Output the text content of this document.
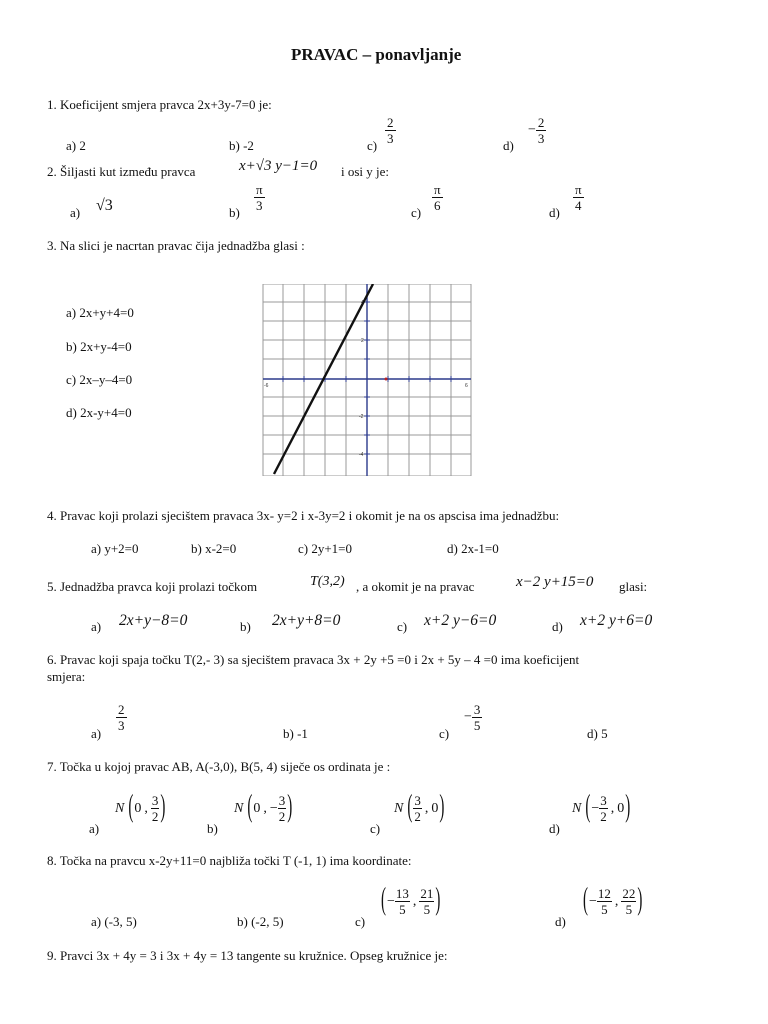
PRAVAC – ponavljanje
1. Koeficijent smjera pravca 2x+3y-7=0 je:
a) 2	b) -2	$c) \frac{2}{3}$	d)
− $\frac{2}{3}$
2. Šiljasti kut između pravca	x+√3 y−1=0 i osi y je:
a) √3	$b) \frac{\pi}{3}$	$c) \frac{\pi}{6}$	$d) \frac{\pi}{4}$
3. Na slici je nacrtan pravac čija jednadžba glasi :
a) 2x+y+4=0
b) 2x+y-4=0
c) 2x–y–4=0
d) 2x-y+4=0
-6	6
2
-2
-4
4. Pravac koji prolazi sjecištem pravaca 3x- y=2 i x-3y=2 i okomit je na os apscisa ima jednadžbu:
a) y+2=0	b) x-2=0	c) 2y+1=0	d) 2x-1=0
5. Jednadžba pravca koji prolazi točkom	T(3,2) , a okomit je na pravac	x−2 y+15=0 glasi:
a) 2x+y−8=0	b) 2x+y+8=0	c) x+2 y−6=0	d) x+2 y+6=0
6. Pravac koji spaja točku T(2,- 3) sa sjecištem pravaca 3x + 2y +5 =0 i 2x + 5y – 4 =0 ima koeficijent
smjera:
a)
$\frac{2}{3}$
b) -1	c)
− $\frac{3}{5}$
d) 5
7. Točka u kojoj pravac AB, A(-3,0), B(5, 4) siječe os ordinata je :
a)
N ( 0 , $\frac{3}{2}$ )
b)
N ( 0 , − $\frac{3}{2}$ )
c)
N ( $\frac{3}{2}$ , 0 )
d)
N ( − $\frac{3}{2}$ , 0 )
8. Točka na pravcu x-2y+11=0 najbliža točki T (-1, 1) ima koordinate:
a) (-3, 5)	b) (-2, 5)	c)
( − $\frac{13}{5}$ , $\frac{21}{5}$ )
d)
( − $\frac{12}{5}$ , $\frac{22}{5}$ )
9. Pravci 3x + 4y = 3 i 3x + 4y = 13 tangente su kružnice. Opseg kružnice je:
